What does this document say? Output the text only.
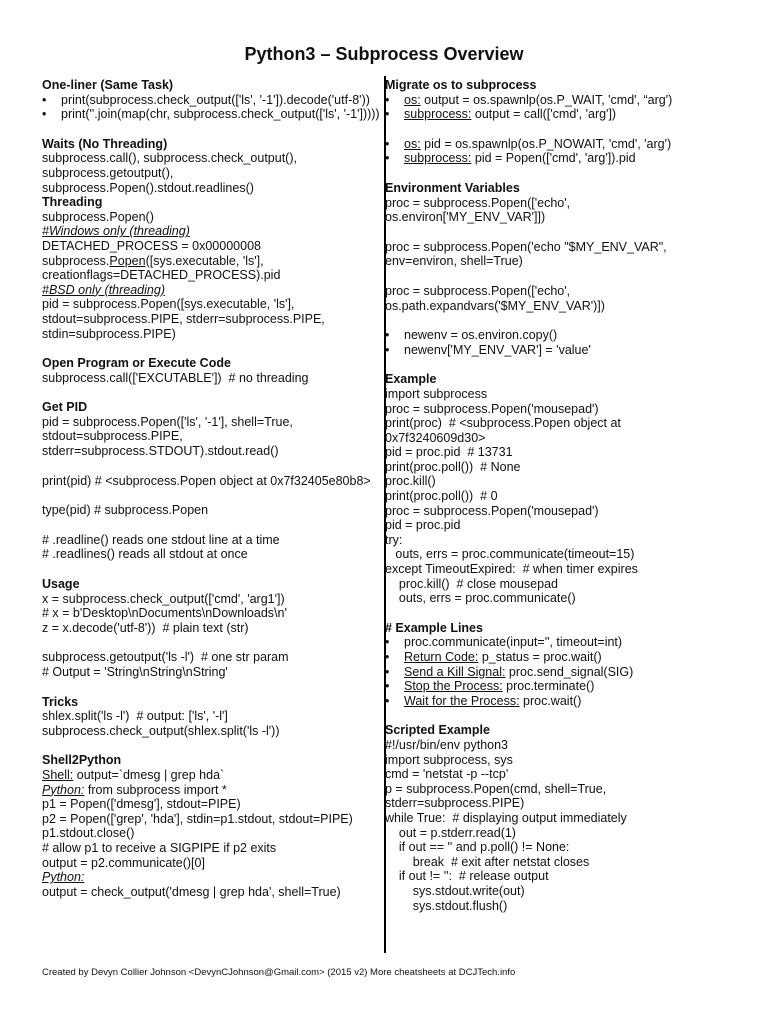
Python3 – Subprocess Overview
One-liner (Same Task)
• print(subprocess.check_output(['ls', '-1']).decode('utf-8'))
• print(''.join(map(chr, subprocess.check_output(['ls', '-1']))))
Waits (No Threading)
subprocess.call(), subprocess.check_output(),
subprocess.getoutput(),
subprocess.Popen().stdout.readlines()
Threading
subprocess.Popen()
#Windows only (threading)
DETACHED_PROCESS = 0x00000008
subprocess.Popen([sys.executable, 'ls'],
creationflags=DETACHED_PROCESS).pid
#BSD only (threading)
pid = subprocess.Popen([sys.executable, 'ls'],
stdout=subprocess.PIPE, stderr=subprocess.PIPE,
stdin=subprocess.PIPE)
Open Program or Execute Code
subprocess.call(['EXCUTABLE'])  # no threading
Get PID
pid = subprocess.Popen(['ls', '-1'], shell=True,
stdout=subprocess.PIPE,
stderr=subprocess.STDOUT).stdout.read()
print(pid) # <subprocess.Popen object at 0x7f32405e80b8>
type(pid) # subprocess.Popen
# .readline() reads one stdout line at a time
# .readlines() reads all stdout at once
Usage
x = subprocess.check_output(['cmd', 'arg1'])
# x = b'Desktop\nDocuments\nDownloads\n'
z = x.decode('utf-8'))  # plain text (str)
subprocess.getoutput('ls -l')  # one str param
# Output = 'String\nString\nString'
Tricks
shlex.split('ls -l')  # output: ['ls', '-l']
subprocess.check_output(shlex.split('ls -l'))
Shell2Python
Shell: output=`dmesg | grep hda`
Python: from subprocess import *
p1 = Popen(['dmesg'], stdout=PIPE)
p2 = Popen(['grep', 'hda'], stdin=p1.stdout, stdout=PIPE)
p1.stdout.close()
# allow p1 to receive a SIGPIPE if p2 exits
output = p2.communicate()[0]
Python:
output = check_output('dmesg | grep hda', shell=True)
Migrate os to subprocess
• os: output = os.spawnlp(os.P_WAIT, 'cmd', “arg')
• subprocess: output = call(['cmd', 'arg'])
• os: pid = os.spawnlp(os.P_NOWAIT, 'cmd', 'arg')
• subprocess: pid = Popen(['cmd', 'arg']).pid
Environment Variables
proc = subprocess.Popen(['echo',
os.environ['MY_ENV_VAR']])
proc = subprocess.Popen('echo "$MY_ENV_VAR",
env=environ, shell=True)
proc = subprocess.Popen(['echo',
os.path.expandvars('$MY_ENV_VAR')])
• newenv = os.environ.copy()
• newenv['MY_ENV_VAR'] = 'value'
Example
import subprocess
proc = subprocess.Popen('mousepad')
print(proc)  # <subprocess.Popen object at
0x7f3240609d30>
pid = proc.pid  # 13731
print(proc.poll())  # None
proc.kill()
print(proc.poll())  # 0
proc = subprocess.Popen('mousepad')
pid = proc.pid
try:
outs, errs = proc.communicate(timeout=15)
except TimeoutExpired:  # when timer expires
proc.kill()  # close mousepad
outs, errs = proc.communicate()
# Example Lines
• proc.communicate(input='', timeout=int)
• Return Code: p_status = proc.wait()
• Send a Kill Signal: proc.send_signal(SIG)
• Stop the Process: proc.terminate()
• Wait for the Process: proc.wait()
Scripted Example
#!/usr/bin/env python3
import subprocess, sys
cmd = 'netstat -p --tcp'
p = subprocess.Popen(cmd, shell=True,
stderr=subprocess.PIPE)
while True:  # displaying output immediately
out = p.stderr.read(1)
if out == '' and p.poll() != None:
break  # exit after netstat closes
if out != '':  # release output
sys.stdout.write(out)
sys.stdout.flush()
Created by Devyn Collier Johnson <DevynCJohnson@Gmail.com> (2015 v2) More cheatsheets at DCJTech.info
